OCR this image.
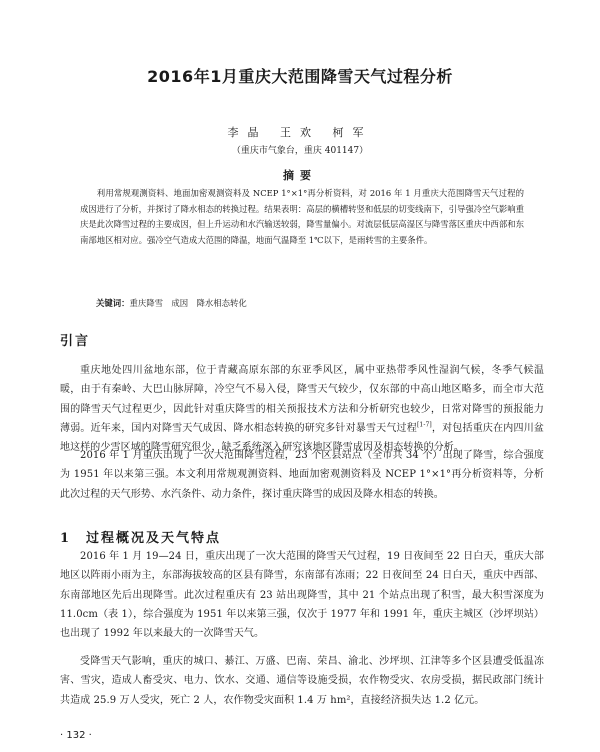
2016年1月重庆大范围降雪天气过程分析
李晶 王欢 柯军
（重庆市气象台，重庆 401147）
摘要

利用常规观测资料、地面加密观测资料及 NCEP 1°×1°再分析资料，对 2016 年 1 月重庆大范围降雪天气过程的成因进行了分析，并探讨了降水相态的转换过程。结果表明：高层的横槽转竖和低层的切变线南下，引导强冷空气影响重庆是此次降雪过程的主要成因，但上升运动和水汽输送较弱，降雪量偏小。对流层低层高湿区与降雪落区重庆中西部和东南部地区相对应。强冷空气造成大范围的降温，地面气温降至 1℃以下，是雨转雪的主要条件。

关键词：重庆降雪　成因　降水相态转化

引言

重庆地处四川盆地东部，位于青藏高原东部的东亚季风区，属中亚热带季风性湿润气候，冬季气候温暖，由于有秦岭、大巴山脉屏障，冷空气不易入侵，降雪天气较少，仅东部的中高山地区略多，而全市大范围的降雪天气过程更少，因此针对重庆降雪的相关预报技术方法和分析研究也较少，日常对降雪的预报能力薄弱。近年来，国内对降雪天气成因、降水相态转换的研究多针对暴雪天气过程[1-7]，对包括重庆在内四川盆地这样的少雪区域的降雪研究很少，缺乏系统深入研究该地区降雪成因及相态转换的分析。

2016 年 1 月重庆出现了一次大范围降雪过程，23 个区县站点（全市共 34 个）出现了降雪，综合强度为 1951 年以来第三强。本文利用常规观测资料、地面加密观测资料及 NCEP 1°×1°再分析资料等，分析此次过程的天气形势、水汽条件、动力条件，探讨重庆降雪的成因及降水相态的转换。

1 过程概况及天气特点

2016 年 1 月 19—24 日，重庆出现了一次大范围的降雪天气过程，19 日夜间至 22 日白天，重庆大部地区以阵雨小雨为主，东部海拔较高的区县有降雪，东南部有冻雨；22 日夜间至 24 日白天，重庆中西部、东南部地区先后出现降雪。此次过程重庆有 23 站出现降雪，其中 21 个站点出现了积雪，最大积雪深度为 11.0cm（表 1），综合强度为 1951 年以来第三强，仅次于 1977 年和 1991 年，重庆主城区（沙坪坝站）也出现了 1992 年以来最大的一次降雪天气。

受降雪天气影响，重庆的城口、綦江、万盛、巴南、荣昌、渝北、沙坪坝、江津等多个区县遭受低温冻害、雪灾，造成人畜受灾、电力、饮水、交通、通信等设施受损，农作物受灾、农房受损，据民政部门统计共造成 25.9 万人受灾，死亡 2 人，农作物受灾面积 1.4 万 hm²，直接经济损失达 1.2 亿元。

· 132 ·
